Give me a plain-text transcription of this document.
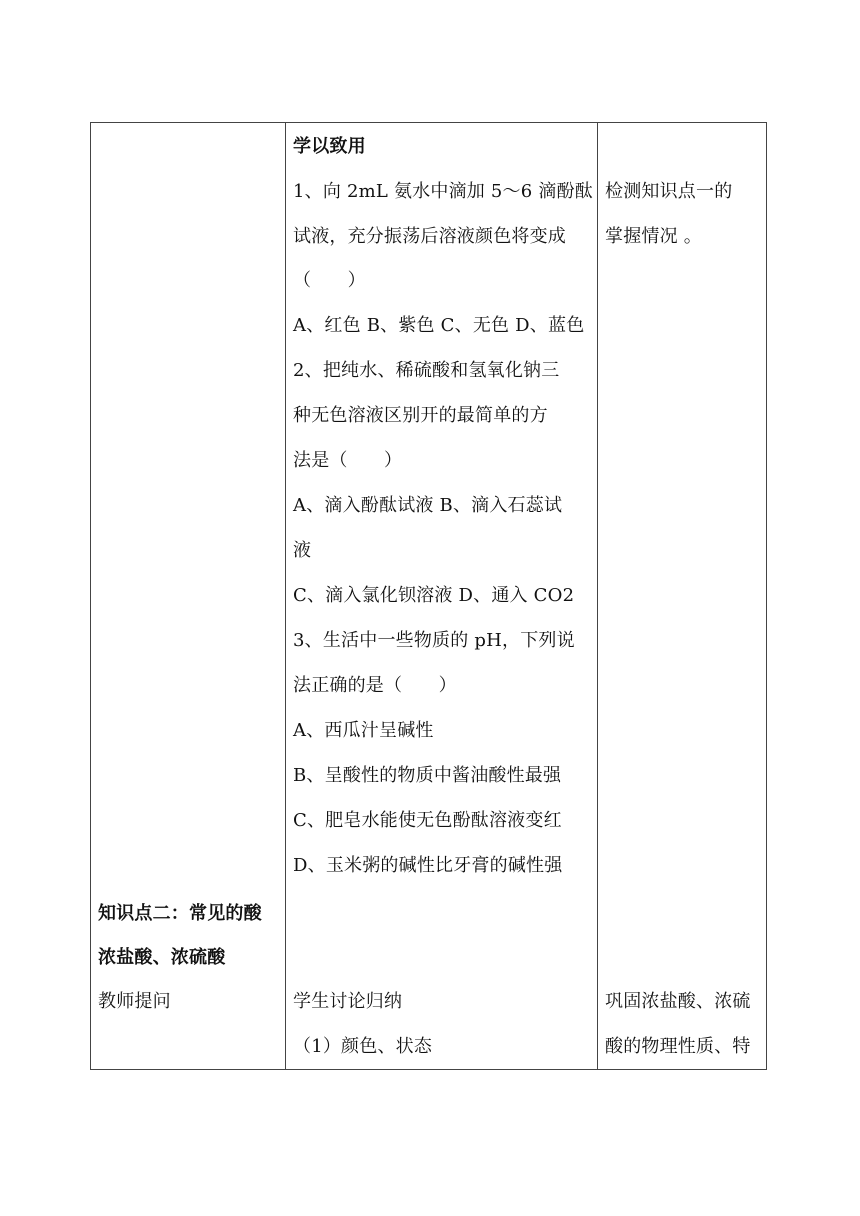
知识点二：常见的酸
浓盐酸、浓硫酸
教师提问
学以致用
1、向 2mL 氨水中滴加 5～6 滴酚酞
试液，充分振荡后溶液颜色将变成
（　　）
A、红色 B、紫色 C、无色 D、蓝色
2、把纯水、稀硫酸和氢氧化钠三
种无色溶液区别开的最简单的方
法是（　　）
A、滴入酚酞试液 B、滴入石蕊试
液
C、滴入氯化钡溶液 D、通入 CO2
3、生活中一些物质的 pH，下列说
法正确的是（　　）
A、西瓜汁呈碱性
B、呈酸性的物质中酱油酸性最强
C、肥皂水能使无色酚酞溶液变红
D、玉米粥的碱性比牙膏的碱性强
学生讨论归纳
（1）颜色、状态
检测知识点一的
掌握情况 。
巩固浓盐酸、浓硫
酸的物理性质、特
